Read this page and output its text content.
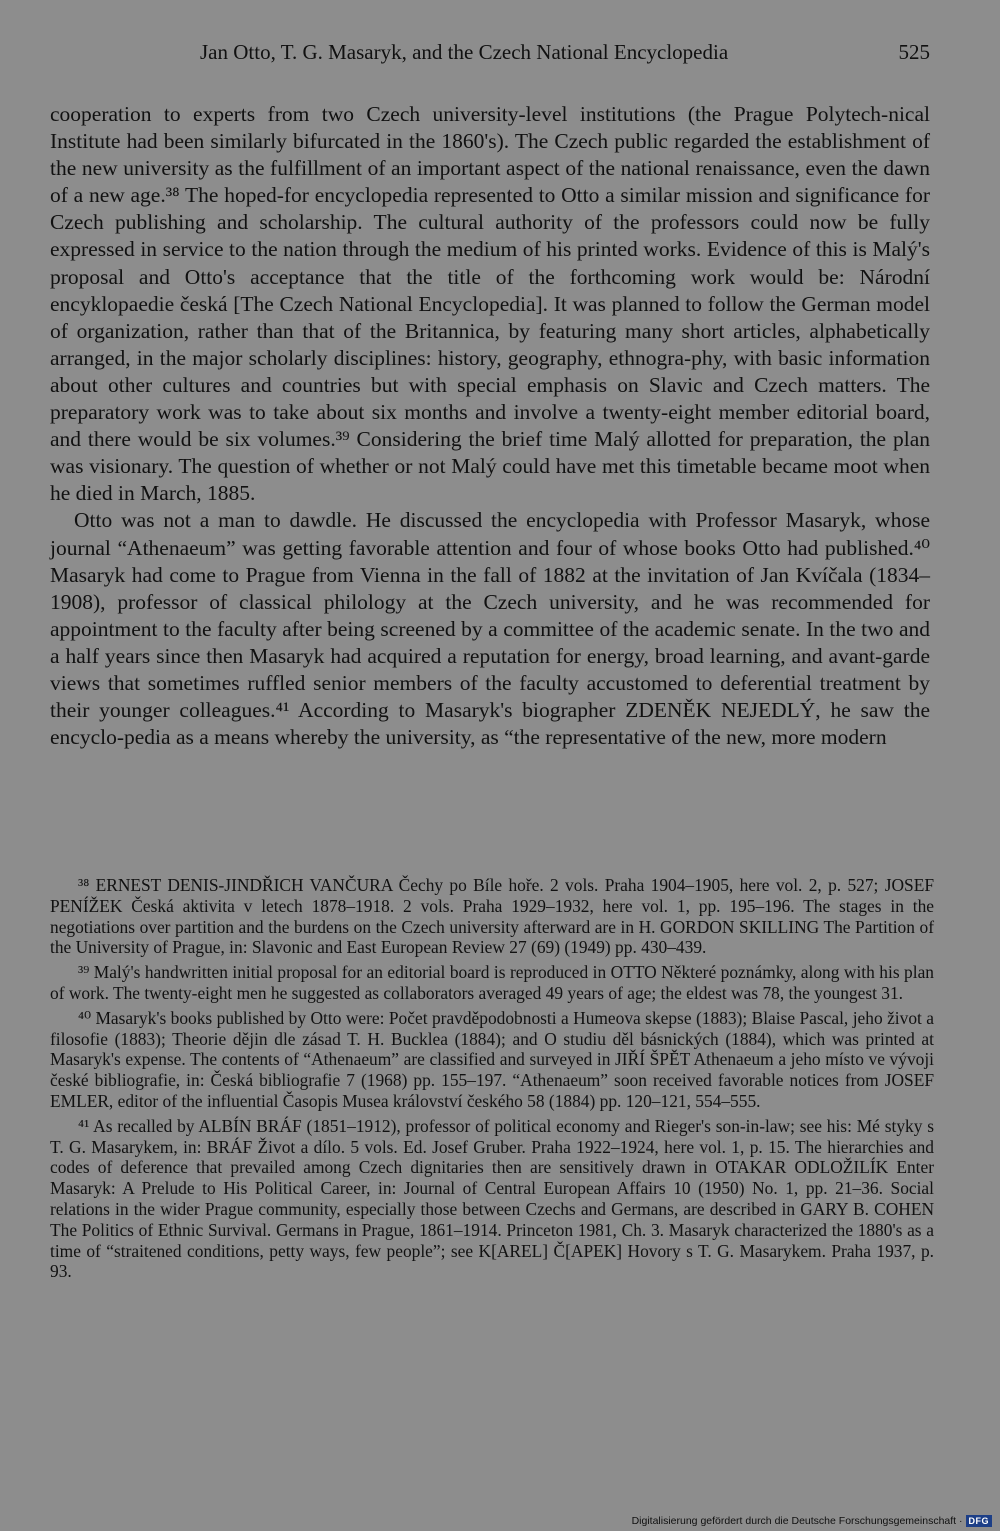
Jan Otto, T. G. Masaryk, and the Czech National Encyclopedia	525

cooperation to experts from two Czech university-level institutions (the Prague Polytech-nical Institute had been similarly bifurcated in the 1860's). The Czech public regarded the establishment of the new university as the fulfillment of an important aspect of the national renaissance, even the dawn of a new age.³⁸ The hoped-for encyclopedia represented to Otto a similar mission and significance for Czech publishing and scholarship. The cultural authority of the professors could now be fully expressed in service to the nation through the medium of his printed works. Evidence of this is Malý's proposal and Otto's acceptance that the title of the forthcoming work would be: Národní encyklopaedie česká [The Czech National Encyclopedia]. It was planned to follow the German model of organization, rather than that of the Britannica, by featuring many short articles, alphabetically arranged, in the major scholarly disciplines: history, geography, ethnogra-phy, with basic information about other cultures and countries but with special emphasis on Slavic and Czech matters. The preparatory work was to take about six months and involve a twenty-eight member editorial board, and there would be six volumes.³⁹ Considering the brief time Malý allotted for preparation, the plan was visionary. The question of whether or not Malý could have met this timetable became moot when he died in March, 1885.

Otto was not a man to dawdle. He discussed the encyclopedia with Professor Masaryk, whose journal “Athenaeum” was getting favorable attention and four of whose books Otto had published.⁴⁰ Masaryk had come to Prague from Vienna in the fall of 1882 at the invitation of Jan Kvíčala (1834–1908), professor of classical philology at the Czech university, and he was recommended for appointment to the faculty after being screened by a committee of the academic senate. In the two and a half years since then Masaryk had acquired a reputation for energy, broad learning, and avant-garde views that sometimes ruffled senior members of the faculty accustomed to deferential treatment by their younger colleagues.⁴¹ According to Masaryk's biographer ZDENĚK NEJEDLÝ, he saw the encyclo-pedia as a means whereby the university, as “the representative of the new, more modern

³⁸ ERNEST DENIS-JINDŘICH VANČURA Čechy po Bíle hoře. 2 vols. Praha 1904–1905, here vol. 2, p. 527; JOSEF PENÍŽEK Česká aktivita v letech 1878–1918. 2 vols. Praha 1929–1932, here vol. 1, pp. 195–196. The stages in the negotiations over partition and the burdens on the Czech university afterward are in H. GORDON SKILLING The Partition of the University of Prague, in: Slavonic and East European Review 27 (69) (1949) pp. 430–439.

³⁹ Malý's handwritten initial proposal for an editorial board is reproduced in OTTO Některé poznámky, along with his plan of work. The twenty-eight men he suggested as collaborators averaged 49 years of age; the eldest was 78, the youngest 31.

⁴⁰ Masaryk's books published by Otto were: Počet pravděpodobnosti a Humeova skepse (1883); Blaise Pascal, jeho život a filosofie (1883); Theorie dějin dle zásad T. H. Bucklea (1884); and O studiu děl básnických (1884), which was printed at Masaryk's expense. The contents of “Athenaeum” are classified and surveyed in JIŘÍ ŠPĚT Athenaeum a jeho místo ve vývoji české bibliografie, in: Česká bibliografie 7 (1968) pp. 155–197. “Athenaeum” soon received favorable notices from JOSEF EMLER, editor of the influential Časopis Musea království českého 58 (1884) pp. 120–121, 554–555.

⁴¹ As recalled by ALBÍN BRÁF (1851–1912), professor of political economy and Rieger's son-in-law; see his: Mé styky s T. G. Masarykem, in: BRÁF Život a dílo. 5 vols. Ed. Josef Gruber. Praha 1922–1924, here vol. 1, p. 15. The hierarchies and codes of deference that prevailed among Czech dignitaries then are sensitively drawn in OTAKAR ODLOŽILÍK Enter Masaryk: A Prelude to His Political Career, in: Journal of Central European Affairs 10 (1950) No. 1, pp. 21–36. Social relations in the wider Prague community, especially those between Czechs and Germans, are described in GARY B. COHEN The Politics of Ethnic Survival. Germans in Prague, 1861–1914. Princeton 1981, Ch. 3. Masaryk characterized the 1880's as a time of “straitened conditions, petty ways, few people”; see K[AREL] Č[APEK] Hovory s T. G. Masarykem. Praha 1937, p. 93.

Digitalisierung gefördert durch die Deutsche Forschungsgemeinschaft · DFG
